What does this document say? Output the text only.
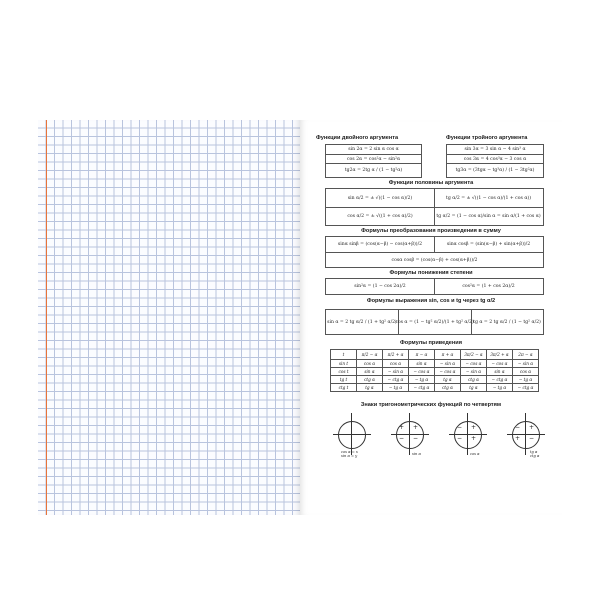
Функции двойного аргумента	Функции тройного аргумента
sin 2α = 2 sin α cos α
cos 2α = cos²α − sin²α
tg2α = 2tg α / (1 − tg²α)
sin 3α = 3 sin α − 4 sin³ α
cos 3α = 4 cos³α − 3 cos α
tg3α = (3tgα − tg³α) / (1 − 3tg²α)
Функции половины аргумента
sin α/2 = ± √((1 − cos α)/2)	tg α/2 = ± √((1 − cos α)/(1 + cos α))
cos α/2 = ± √((1 + cos α)/2)	tg α/2 = (1 − cos α)/sin α = sin α/(1 + cos α)
Формулы преобразования произведения в сумму
sinα sinβ = (cos(α−β) − cos(α+β))/2	sinα cosβ = (sin(α−β) + sin(α+β))/2
cosα cosβ = (cos(α−β) + cos(α+β))/2
Формулы понижения степени
sin²α = (1 − cos 2α)/2	cos²α = (1 + cos 2α)/2
Формулы выражения sin, cos и tg через tg α/2
sin α = 2 tg α/2 / (1 + tg² α/2)
cos α = (1 − tg² α/2)/(1 + tg² α/2) tg α = 2 tg α/2 / (1 − tg² α/2)
Формулы приведения
t	π/2 − α	π/2 + α	π − α	π + α	3π/2 − α	3π/2 + α	2π − α
sin t	cos α	cos α	sin α	− sin α	− cos α	− cos α	− sin α
cos t	sin α	− sin α	− cos α	− cos α	− sin α	sin α	cos α
tg t	ctg α	− ctg α	− tg α	tg α	ctg α	− ctg α	− tg α
ctg t	tg α	− tg α	− ctg α	ctg α	tg α	− tg α	− ctg α
Знаки тригонометрических функций по четвертям
cos α = x
sin α = y
+ +
− −
sin α
− +
− +
cos α
− +
+ −
tg α
ctg α
